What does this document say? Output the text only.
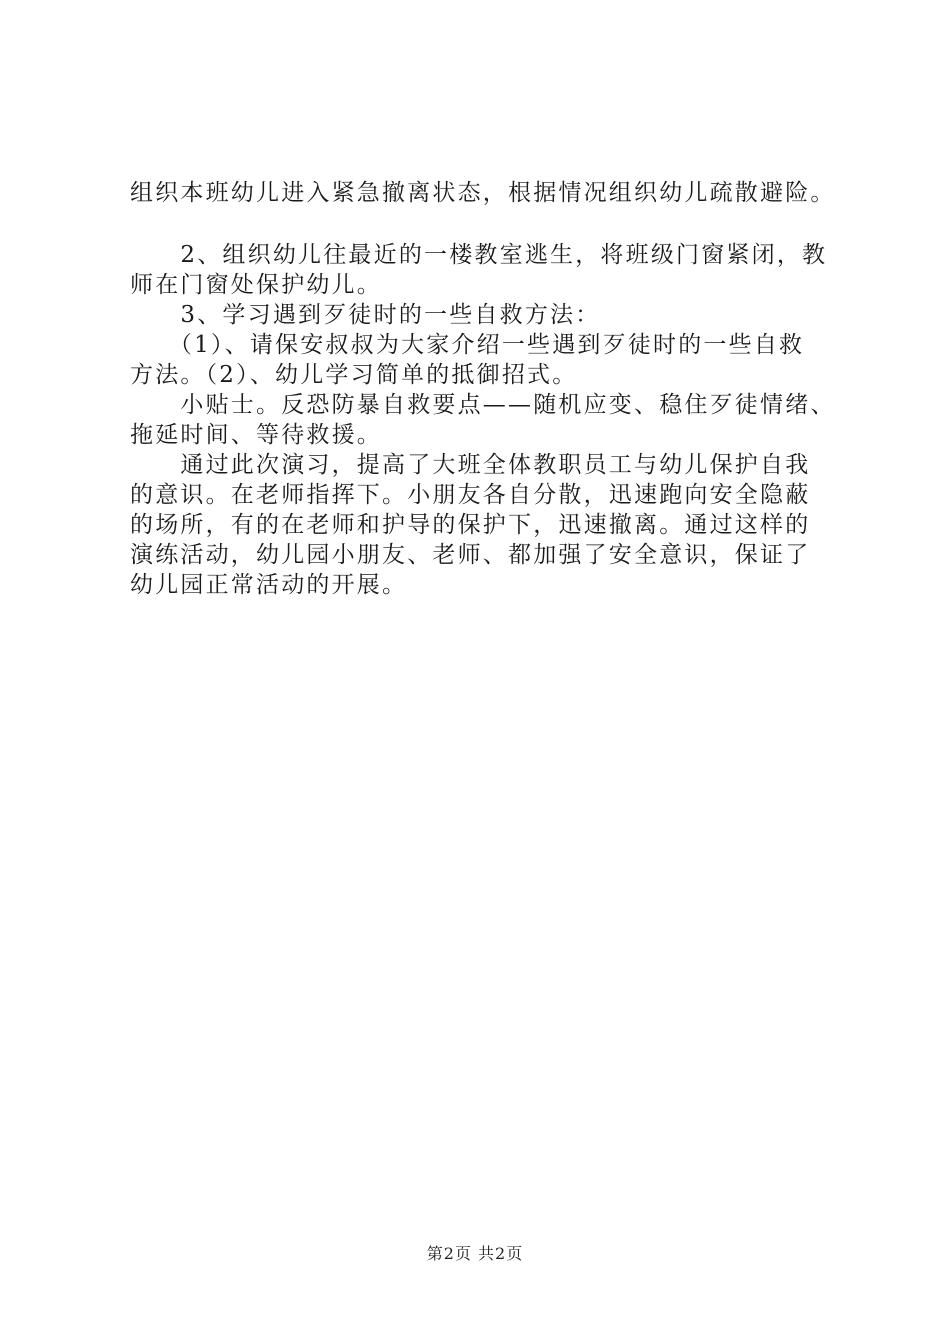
组织本班幼儿进入紧急撤离状态，根据情况组织幼儿疏散避险。
　　2、组织幼儿往最近的一楼教室逃生，将班级门窗紧闭，教
师在门窗处保护幼儿。
　　3、学习遇到歹徒时的一些自救方法：
　　（1）、请保安叔叔为大家介绍一些遇到歹徒时的一些自救
方法。（2）、幼儿学习简单的抵御招式。
　　小贴士。反恐防暴自救要点——随机应变、稳住歹徒情绪、
拖延时间、等待救援。
　　通过此次演习，提高了大班全体教职员工与幼儿保护自我
的意识。在老师指挥下。小朋友各自分散，迅速跑向安全隐蔽
的场所，有的在老师和护导的保护下，迅速撤离。通过这样的
演练活动，幼儿园小朋友、老师、都加强了安全意识，保证了
幼儿园正常活动的开展。
第2页 共2页
